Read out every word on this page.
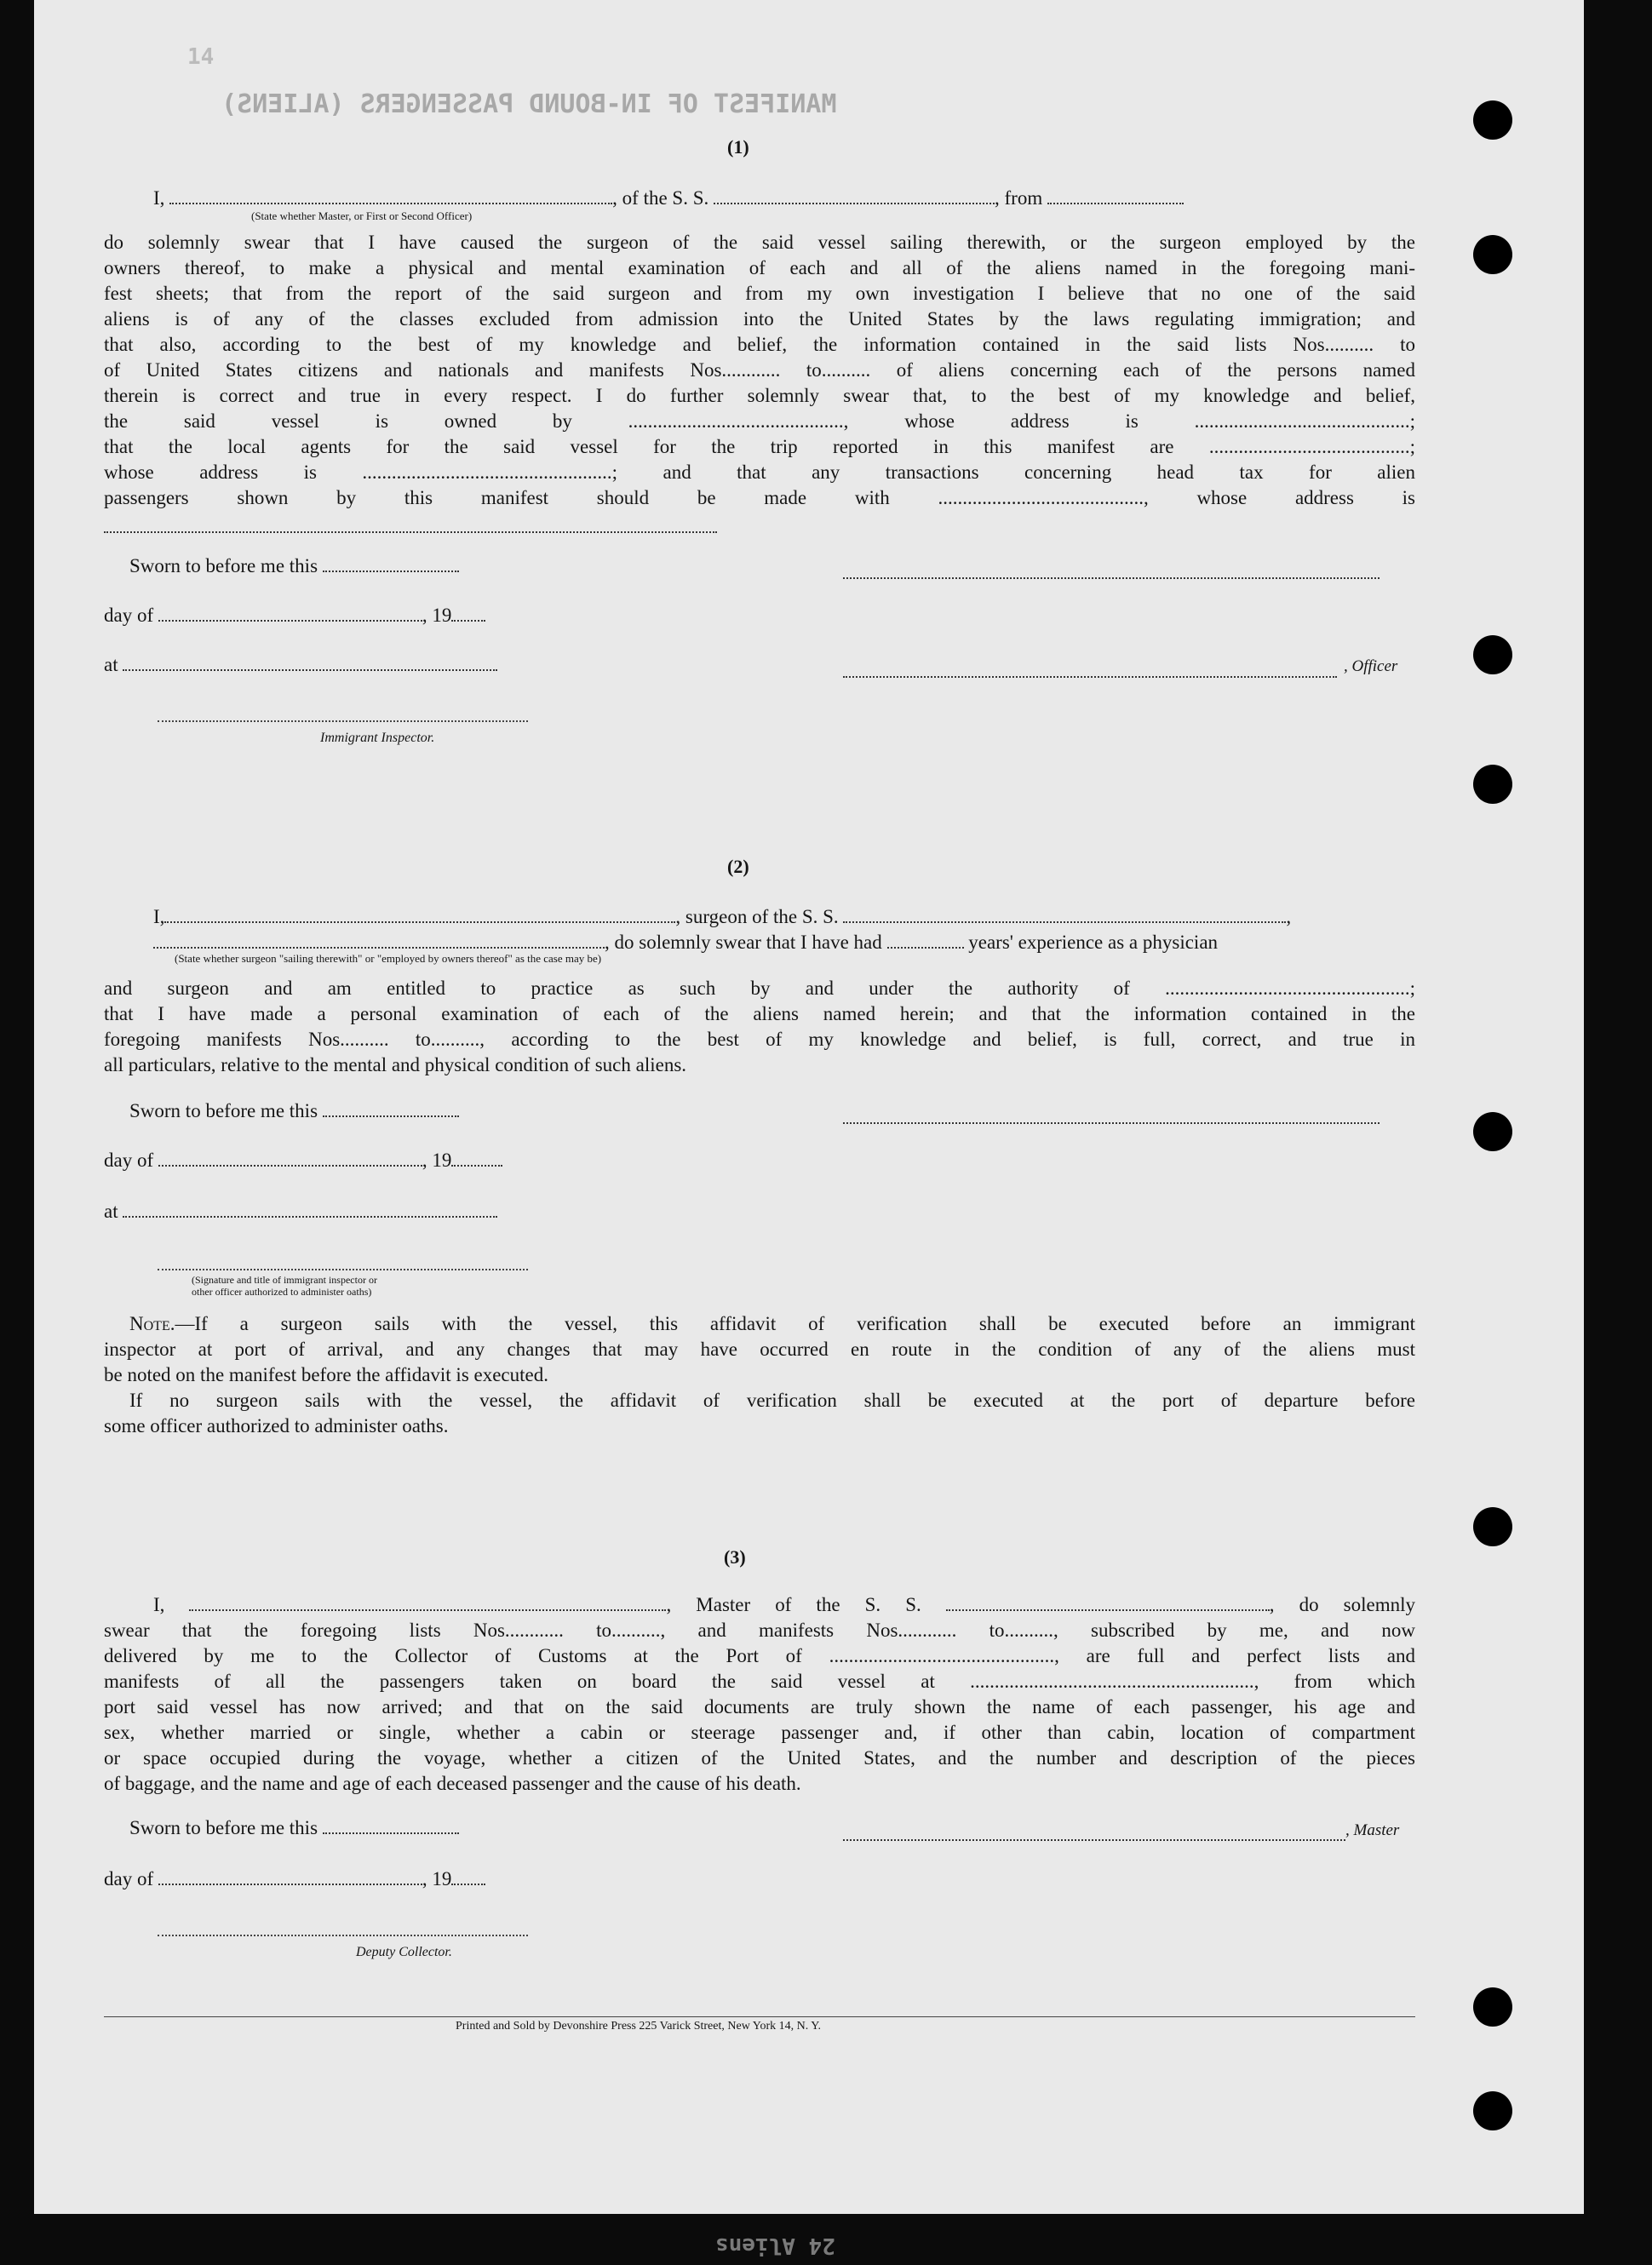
MANIFEST OF IN-BOUND PASSENGERS (ALIENS)
14
(1)
I,	, of the S. S.	, from
(State whether Master, or First or Second Officer)
do solemnly swear that I have caused the surgeon of the said vessel sailing therewith, or the surgeon employed by the
owners thereof, to make a physical and mental examination of each and all of the aliens named in the foregoing mani-
fest sheets; that from the report of the said surgeon and from my own investigation I believe that no one of the said
aliens is of any of the classes excluded from admission into the United States by the laws regulating immigration; and
that also, according to the best of my knowledge and belief, the information contained in the said lists Nos.......... to
of United States citizens and nationals and manifests Nos............ to.......... of aliens concerning each of the persons named
therein is correct and true in every respect. I do further solemnly swear that, to the best of my knowledge and belief,
the said vessel is owned by ............................................, whose address is ............................................;
that the local agents for the said vessel for the trip reported in this manifest are .........................................;
whose address is ...................................................; and that any transactions concerning head tax for alien
passengers shown by this manifest should be made with .........................................., whose address is
Sworn to before me this
day of	, 19
at	, Officer
Immigrant Inspector.
(2)
I,	, surgeon of the S. S.	,
, do solemnly swear that I have had	years' experience as a physician
(State whether surgeon "sailing therewith" or "employed by owners thereof" as the case may be)
and surgeon and am entitled to practice as such by and under the authority of ..................................................;
that I have made a personal examination of each of the aliens named herein; and that the information contained in the
foregoing manifests Nos.......... to.........., according to the best of my knowledge and belief, is full, correct, and true in
all particulars, relative to the mental and physical condition of such aliens.
Sworn to before me this
day of	, 19
at
(Signature and title of immigrant inspector or
other officer authorized to administer oaths)
Note.—If a surgeon sails with the vessel, this affidavit of verification shall be executed before an immigrant
inspector at port of arrival, and any changes that may have occurred en route in the condition of any of the aliens must
be noted on the manifest before the affidavit is executed.
If no surgeon sails with the vessel, the affidavit of verification shall be executed at the port of departure before
some officer authorized to administer oaths.
(3)
I,	, Master of the S. S.	, do solemnly
swear that the foregoing lists Nos............ to.........., and manifests Nos............ to.........., subscribed by me, and now
delivered by me to the Collector of Customs at the Port of .............................................., are full and perfect lists and
manifests of all the passengers taken on board the said vessel at .........................................................., from which
port said vessel has now arrived; and that on the said documents are truly shown the name of each passenger, his age and
sex, whether married or single, whether a cabin or steerage passenger and, if other than cabin, location of compartment
or space occupied during the voyage, whether a citizen of the United States, and the number and description of the pieces
of baggage, and the name and age of each deceased passenger and the cause of his death.
Sworn to before me this	, Master
day of	, 19
Deputy Collector.
Printed and Sold by Devonshire Press 225 Varick Street, New York 14, N. Y.
24 Aliens
